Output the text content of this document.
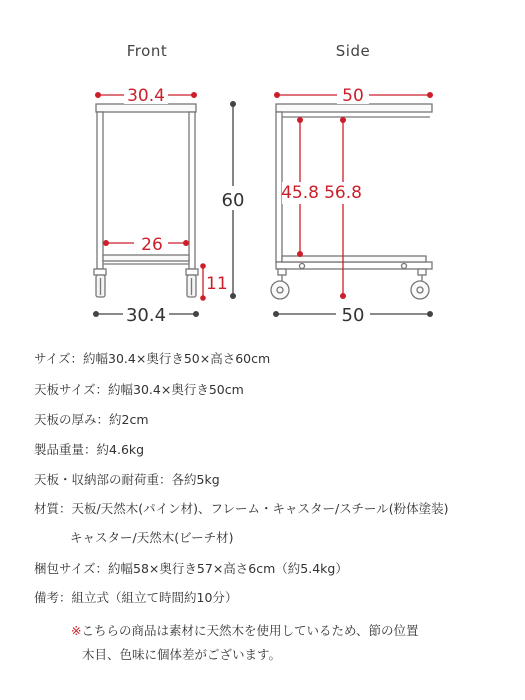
Front	Side
30.4
26
11
60
30.4
50
45.8 56.8
50
サイズ：約幅30.4×奥行き50×高さ60cm
天板サイズ：約幅30.4×奥行き50cm
天板の厚み：約2cm
製品重量：約4.6kg
天板・収納部の耐荷重：各約5kg
材質：天板/天然木(パイン材)、フレーム・キャスター/スチール(粉体塗装)
キャスター/天然木(ビーチ材)
梱包サイズ：約幅58×奥行き57×高さ6cm（約5.4kg）
備考：組立式（組立て時間約10分）
※こちらの商品は素材に天然木を使用しているため、節の位置
木目、色味に個体差がございます。
